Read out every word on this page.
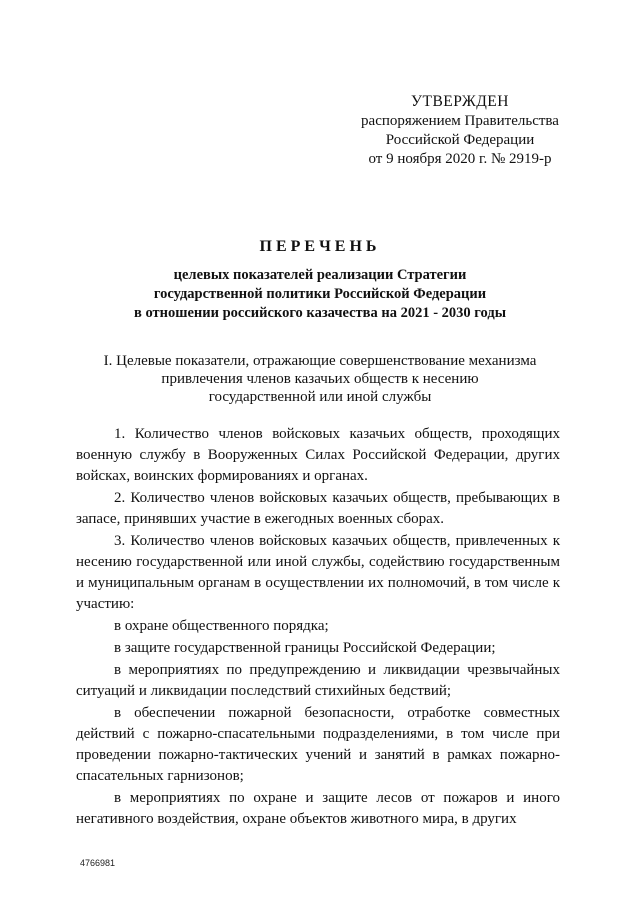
УТВЕРЖДЕН
распоряжением Правительства
Российской Федерации
от 9 ноября 2020 г. № 2919-р
ПЕРЕЧЕНЬ
целевых показателей реализации Стратегии
государственной политики Российской Федерации
в отношении российского казачества на 2021 - 2030 годы
I. Целевые показатели, отражающие совершенствование механизма
привлечения членов казачьих обществ к несению
государственной или иной службы

1. Количество членов войсковых казачьих обществ, проходящих военную службу в Вооруженных Силах Российской Федерации, других войсках, воинских формированиях и органах.

2. Количество членов войсковых казачьих обществ, пребывающих в запасе, принявших участие в ежегодных военных сборах.

3. Количество членов войсковых казачьих обществ, привлеченных к несению государственной или иной службы, содействию государственным и муниципальным органам в осуществлении их полномочий, в том числе к участию:

в охране общественного порядка;

в защите государственной границы Российской Федерации;

в мероприятиях по предупреждению и ликвидации чрезвычайных ситуаций и ликвидации последствий стихийных бедствий;

в обеспечении пожарной безопасности, отработке совместных действий с пожарно-спасательными подразделениями, в том числе при проведении пожарно-тактических учений и занятий в рамках пожарно-спасательных гарнизонов;

в мероприятиях по охране и защите лесов от пожаров и иного негативного воздействия, охране объектов животного мира, в других

4766981
